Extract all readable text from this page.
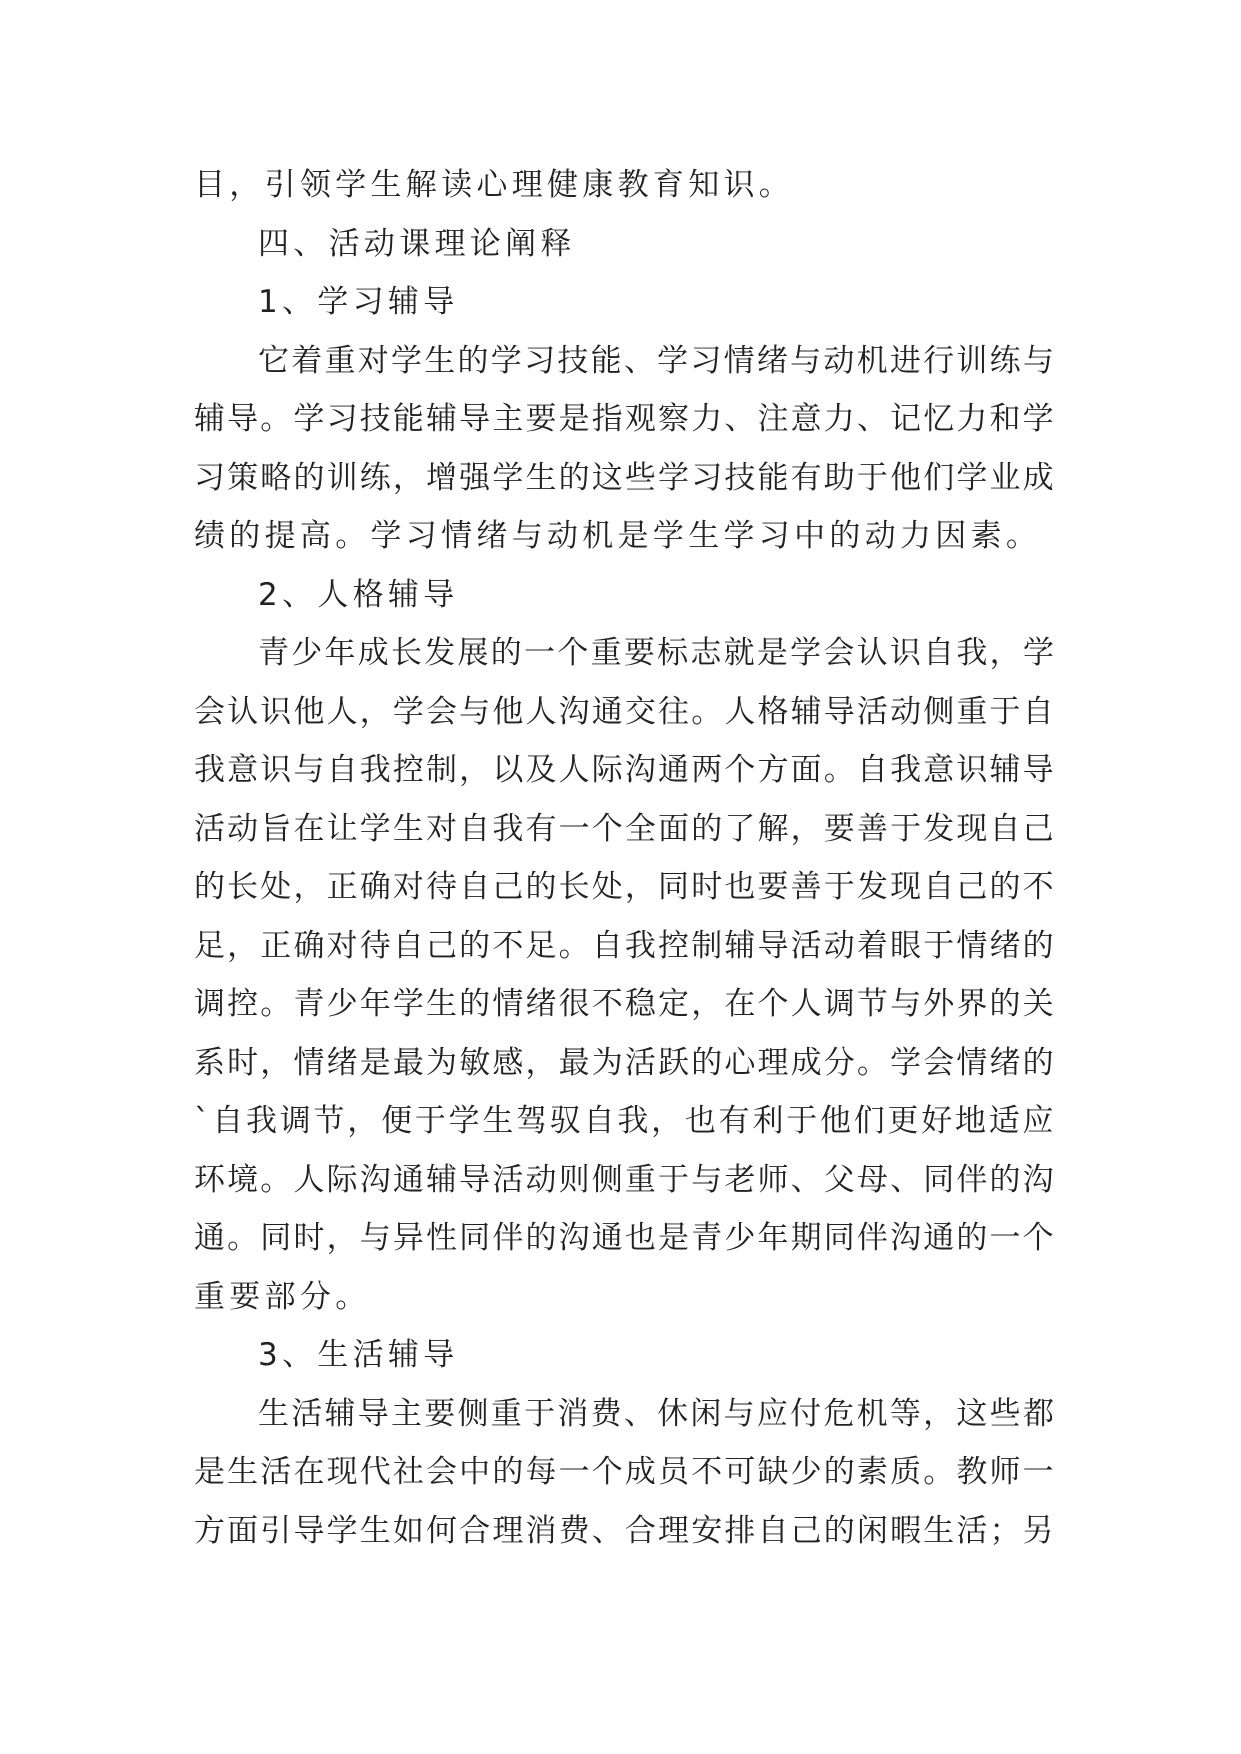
目，引领学生解读心理健康教育知识。
四、活动课理论阐释
1、学习辅导
它着重对学生的学习技能、学习情绪与动机进行训练与
辅导。学习技能辅导主要是指观察力、注意力、记忆力和学
习策略的训练，增强学生的这些学习技能有助于他们学业成
绩的提高。学习情绪与动机是学生学习中的动力因素。
2、人格辅导
青少年成长发展的一个重要标志就是学会认识自我，学
会认识他人，学会与他人沟通交往。人格辅导活动侧重于自
我意识与自我控制，以及人际沟通两个方面。自我意识辅导
活动旨在让学生对自我有一个全面的了解，要善于发现自己
的长处，正确对待自己的长处，同时也要善于发现自己的不
足，正确对待自己的不足。自我控制辅导活动着眼于情绪的
调控。青少年学生的情绪很不稳定，在个人调节与外界的关
系时，情绪是最为敏感，最为活跃的心理成分。学会情绪的
`自我调节，便于学生驾驭自我，也有利于他们更好地适应
环境。人际沟通辅导活动则侧重于与老师、父母、同伴的沟
通。同时，与异性同伴的沟通也是青少年期同伴沟通的一个
重要部分。
3、生活辅导
生活辅导主要侧重于消费、休闲与应付危机等，这些都
是生活在现代社会中的每一个成员不可缺少的素质。教师一
方面引导学生如何合理消费、合理安排自己的闲暇生活；另
